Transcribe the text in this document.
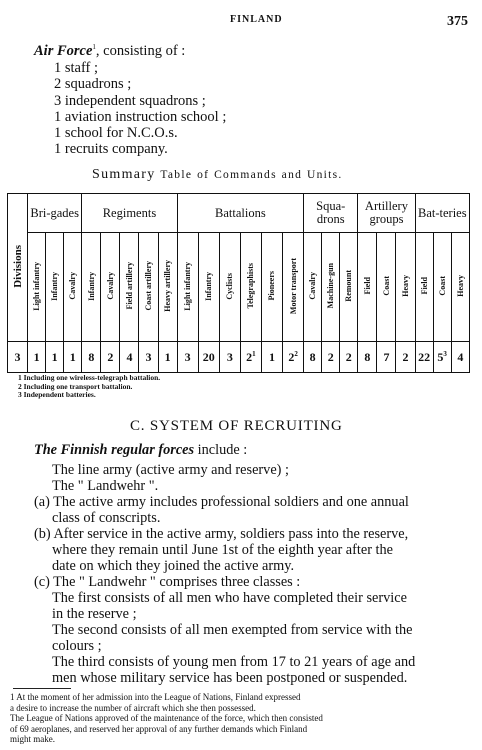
FINLAND	375
Air Force$^1$, consisting of :
1 staff ;
2 squadrons ;
3 independent squadrons ;
1 aviation instruction school ;
1 school for N.C.O.s.
1 recruits company.
Summary Table of Commands and Units.
Divisions	Bri-gades			Regiments					Battalions						Squa-drons			Artillery groups			Bat-teries		
	Light infantry	Infantry	Cavalry	Infantry	Cavalry	Field artillery	Coast artillery	Heavy artillery	Light infantry	Infantry	Cyclists	Telegraphists	Pioneers	Motor transport	Cavalry	Machine-gun	Remount	Field	Coast	Heavy	Field	Coast	Heavy
3	1	1	1	8	2	4	3	1	3	20	3	$2^1$	1	$2^2$	8	2	2	8	7	2	22	$5^3$	4
1 Including one wireless-telegraph battalion.
2 Including one transport battalion.
3 Independent batteries.
C. SYSTEM OF RECRUITING
The Finnish regular forces include :
The line army (active army and reserve) ;
The " Landwehr ".
(a) The active army includes professional soldiers and one annual
class of conscripts.
(b) After service in the active army, soldiers pass into the reserve,
where they remain until June 1st of the eighth year after the
date on which they joined the active army.
(c) The " Landwehr " comprises three classes :
The first consists of all men who have completed their service
in the reserve ;
The second consists of all men exempted from service with the
colours ;
The third consists of young men from 17 to 21 years of age and
men whose military service has been postponed or suspended.
1 At the moment of her admission into the League of Nations, Finland expressed
a desire to increase the number of aircraft which she then possessed.
The League of Nations approved of the maintenance of the force, which then consisted
of 69 aeroplanes, and reserved her approval of any further demands which Finland
might make.
